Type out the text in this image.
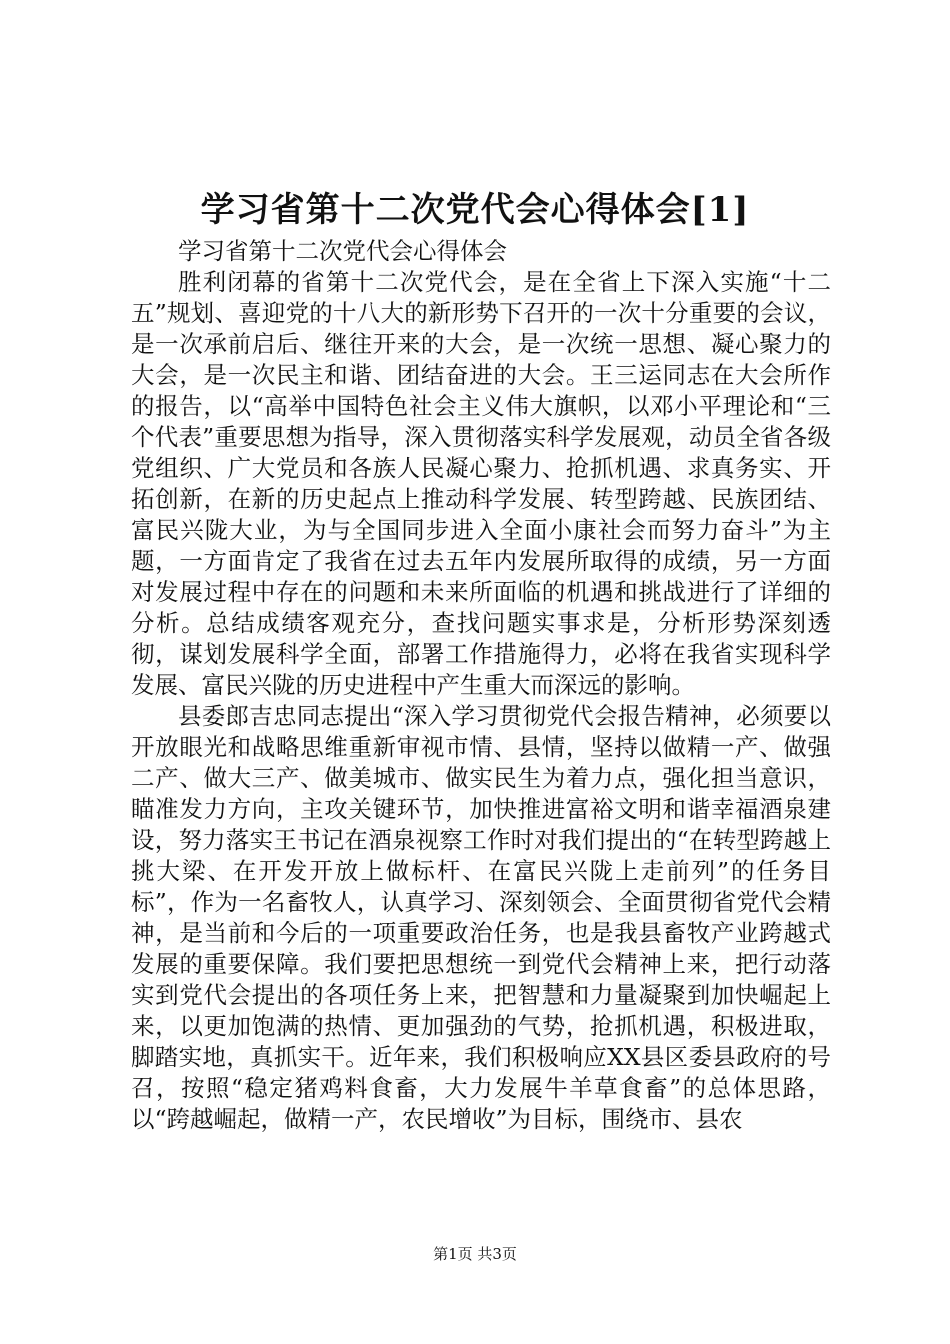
学习省第十二次党代会心得体会[1]

学习省第十二次党代会心得体会

胜利闭幕的省第十二次党代会，是在全省上下深入实施“十二五”规划、喜迎党的十八大的新形势下召开的一次十分重要的会议，是一次承前启后、继往开来的大会，是一次统一思想、凝心聚力的大会，是一次民主和谐、团结奋进的大会。王三运同志在大会所作的报告，以“高举中国特色社会主义伟大旗帜，以邓小平理论和“三个代表”重要思想为指导，深入贯彻落实科学发展观，动员全省各级党组织、广大党员和各族人民凝心聚力、抢抓机遇、求真务实、开拓创新，在新的历史起点上推动科学发展、转型跨越、民族团结、富民兴陇大业，为与全国同步进入全面小康社会而努力奋斗”为主题，一方面肯定了我省在过去五年内发展所取得的成绩，另一方面对发展过程中存在的问题和未来所面临的机遇和挑战进行了详细的分析。总结成绩客观充分，查找问题实事求是，分析形势深刻透彻，谋划发展科学全面，部署工作措施得力，必将在我省实现科学发展、富民兴陇的历史进程中产生重大而深远的影响。

县委郎吉忠同志提出“深入学习贯彻党代会报告精神，必须要以开放眼光和战略思维重新审视市情、县情，坚持以做精一产、做强二产、做大三产、做美城市、做实民生为着力点，强化担当意识，瞄准发力方向，主攻关键环节，加快推进富裕文明和谐幸福酒泉建设，努力落实王书记在酒泉视察工作时对我们提出的“在转型跨越上挑大梁、在开发开放上做标杆、在富民兴陇上走前列”的任务目标”，作为一名畜牧人，认真学习、深刻领会、全面贯彻省党代会精神，是当前和今后的一项重要政治任务，也是我县畜牧产业跨越式发展的重要保障。我们要把思想统一到党代会精神上来，把行动落实到党代会提出的各项任务上来，把智慧和力量凝聚到加快崛起上来，以更加饱满的热情、更加强劲的气势，抢抓机遇，积极进取，脚踏实地，真抓实干。近年来，我们积极响应XX县区委县政府的号召，按照“稳定猪鸡料食畜，大力发展牛羊草食畜”的总体思路，以“跨越崛起，做精一产，农民增收”为目标，围绕市、县农

第1页 共3页
